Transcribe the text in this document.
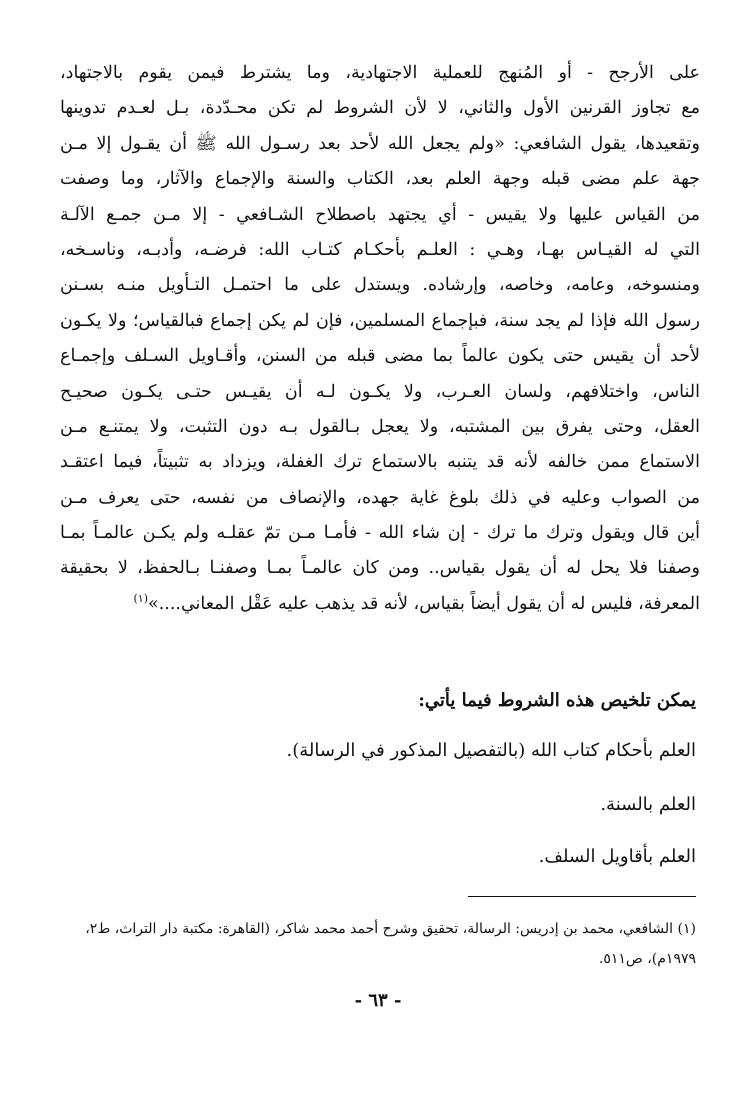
على الأرجح - أو المُنهج للعملية الاجتهادية، وما يشترط فيمن يقوم بالاجتهاد،
مع تجاوز القرنين الأول والثاني، لا لأن الشروط لم تكن محـدّدة، بـل لعـدم تدوينها
وتقعيدها، يقول الشافعي: «ولم يجعل الله لأحد بعد رسـول الله ﷺ أن يقـول إلا مـن
جهة علم مضى قبله وجهة العلم بعد، الكتاب والسنة والإجماع والآثار، وما وصفت
من القياس عليها ولا يقيس - أي يجتهد باصطلاح الشـافعي - إلا مـن جمـع الآلـة
التي له القيـاس بهـا، وهـي : العلـم بأحكـام كتـاب الله: فرضـه، وأدبـه، وناسـخه،
ومنسوخه، وعامه، وخاصه، وإرشاده. ويستدل على ما احتمـل التـأويل منـه بسـنن
رسول الله فإذا لم يجد سنة، فبإجماع المسلمين، فإن لم يكن إجماع فبالقياس؛ ولا يكـون
لأحد أن يقيس حتى يكون عالماً بما مضى قبله من السنن، وأقـاويل السـلف وإجمـاع
الناس، واختلافهم، ولسان العـرب، ولا يكـون لـه أن يقيـس حتـى يكـون صحيـح
العقل، وحتى يفرق بين المشتبه، ولا يعجل بـالقول بـه دون التثبت، ولا يمتنـع مـن
الاستماع ممن خالفه لأنه قد يتنبه بالاستماع ترك الغفلة، ويزداد به تثبيتاً، فيما اعتقـد
من الصواب وعليه في ذلك بلوغ غاية جهده، والإنصاف من نفسه، حتى يعرف مـن
أين قال ويقول وترك ما ترك - إن شاء الله - فأمـا مـن تمّ عقلـه ولم يكـن عالمـاً بمـا
وصفنا فلا يحل له أن يقول بقياس.. ومن كان عالمـاً بمـا وصفنـا بـالحفظ، لا بحقيقة
المعرفة، فليس له أن يقول أيضاً بقياس، لأنه قد يذهب عليه عَقْل المعاني....»$^{(١)}$
يمكن تلخيص هذه الشروط فيما يأتي:
العلم بأحكام كتاب الله (بالتفصيل المذكور في الرسالة).
العلم بالسنة.
العلم بأقاويل السلف.
(١) الشافعي، محمد بن إدريس: الرسالة، تحقيق وشرح أحمد محمد شاكر، (القاهرة: مكتبة دار التراث، ط٢، ١٩٧٩م)، ص٥١١.
- ٦٣ -
